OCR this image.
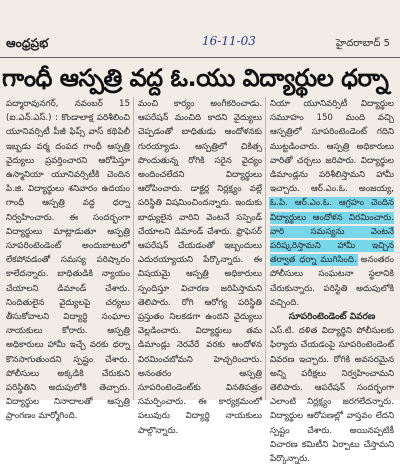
ఆంధ్రప్రభ	16-11-03	హైదరాబాద్ 5
గాంధీ ఆస్పత్రి వద్ద ఓ.యు విద్యార్థుల ధర్నా

పద్మారావునగర్, నవంబర్ 15 (ఐ.ఎన్.ఎస్.) : కొండాలాక్ష పరిశీలించి యూనివర్సిటీ పీజీ ఫిప్స్ వాస్ కథిపిలీ ఇబ్బడు వర్మ దంపద గాంధీ ఆస్పత్రి వైద్యులు ప్రవర్తించారని ఆరోపిస్తూ ఉస్మానియా యూనివర్సిటీకి చెందిన పి.జి. విద్యార్థులు శనివారం ఉదయం గాంధీ ఆస్పత్రి వద్ద ధర్నా నిర్వహించారు. ఈ సందర్భంగా విద్యార్థులు మాట్లాడుతూ ఆస్పత్రి సూపరింటెండెంట్ అందుబాటులో లేకపోవడంతో సమస్య పరిష్కారం కాలేదన్నారు. బాధితుడికి న్యాయం చేయాలని డిమాండ్ చేశారు. నిందితులైన వైద్యులపై చర్యలు తీసుకోవాలని విద్యార్థి సంఘాల నాయకులు కోరారు. ఆస్పత్రి అధికారులు హామీ ఇచ్చే వరకు ధర్నా కొనసాగుతుందని స్పష్టం చేశారు. పోలీసులు అక్కడికి చేరుకుని పరిస్థితిని అదుపులోకి తెచ్చారు. విద్యార్థుల నినాదాలతో ఆస్పత్రి ప్రాంగణం మార్మోగింది.

మంచి కార్యం అంగీకరించాడు. ఆపరేషన్ మంచిది కాదని వైద్యులు చెప్పడంతో బాధితుడు ఆందోళనకు గురయ్యాడు. ఆస్పత్రిలో చికిత్స పొందుతున్న రోగికి సరైన వైద్యం అందించలేదని విద్యార్థులు ఆరోపించారు. డాక్టర్ల నిర్లక్ష్యం వల్లే పరిస్థితి విషమించిందన్నారు. ఇందుకు బాధ్యులైన వారిని వెంటనే సస్పెండ్ చేయాలని డిమాండ్ చేశారు. ఫ్రొఫెసర్ ఆపరేషన్ చేయడంతో ఇబ్బందులు ఎదురయ్యాయని పేర్కొన్నారు. ఈ విషయమై ఆస్పత్రి అధికారులు స్పందిస్తూ విచారణ జరిపిస్తామని తెలిపారు. రోగి ఆరోగ్య పరిస్థితి ప్రస్తుతం నిలకడగా ఉందని వైద్యులు వెల్లడించారు. విద్యార్థులు తమ డిమాండ్లు నెరవేరే వరకు ఆందోళన విరమించబోమని హెచ్చరించారు. అనంతరం ఆస్పత్రి సూపరింటెండెంట్‌కు వినతిపత్రం సమర్పించారు. ఈ కార్యక్రమంలో పలువురు విద్యార్థి నాయకులు పాల్గొన్నారు.

నియా యూనివర్సిటీ విద్యార్థుల సమూహం 150 మంది వచ్చి ఆస్పత్రిలో సూపరింటెండెంట్ గదిని ముట్టడించారు. ఆస్పత్రి అధికారులు వారితో చర్చలు జరిపారు. విద్యార్థుల డిమాండ్లను పరిశీలిస్తామని హామీ ఇచ్చారు. ఆర్.ఎం.ఓ. అంజయ్య, ఓ.పి. ఆర్.ఎం.ఓ. ఆగ్రహం చెందిన విద్యార్థులు ఆందోళన విరమించారు. వారి సమస్యను వెంటనే పరిష్కరిస్తామని హామీ ఇచ్చిన తర్వాత ధర్నా ముగిసింది. అనంతరం పోలీసులు సంఘటనా స్థలానికి చేరుకున్నారు. పరిస్థితి అదుపులోకి వచ్చింది.

సూపరింటెండెంట్ వివరణ

ఎస్.టి. దళిత విద్యార్థిని పోలీసులకు ఫిర్యాదు చేయడంపై సూపరింటెండెంట్ వివరణ ఇచ్చారు. రోగికి అవసరమైన అన్ని పరీక్షలు నిర్వహించామని తెలిపారు. ఆపరేషన్ సందర్భంగా ఎలాంటి నిర్లక్ష్యం జరగలేదన్నారు. విద్యార్థుల ఆరోపణల్లో వాస్తవం లేదని స్పష్టం చేశారు. అయినప్పటికీ విచారణ కమిటీని ఏర్పాటు చేస్తామని పేర్కొన్నారు.
